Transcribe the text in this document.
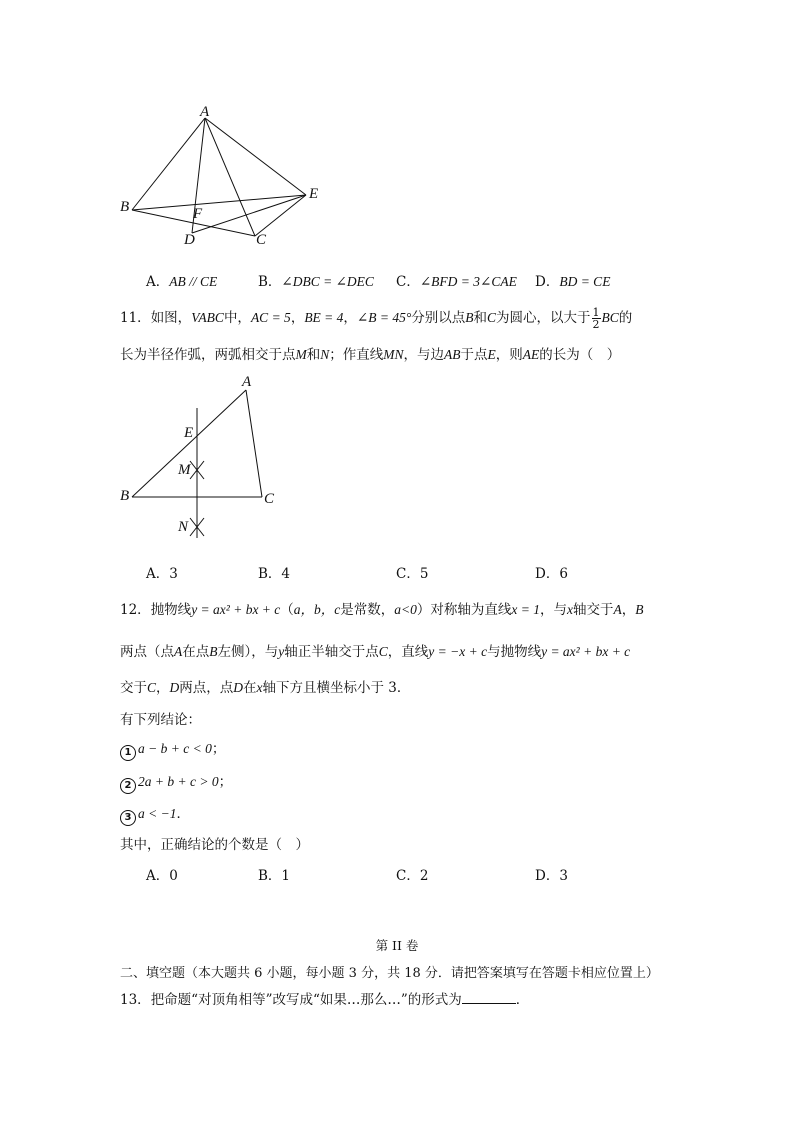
A
B	F
D	C
E
A．AB // CE	B．∠DBC = ∠DEC C．∠BFD = 3∠CAE D．BD = CE
11．如图，VABC中，AC = 5，BE = 4，∠B = 45°分别以点B和C为圆心，以大于 $\frac{1}{2}$ BC的
长为半径作弧，两弧相交于点M和N；作直线MN，与边AB于点E，则AE的长为（　）
A
E
M
B	C
N
A．3	B．4	C．5	D．6
12．抛物线y = ax² + bx + c（a，b，c是常数，a<0）对称轴为直线x = 1，与x轴交于A，B
两点（点A在点B左侧），与y轴正半轴交于点C，直线y = −x + c与抛物线y = ax² + bx + c
交于C，D两点，点D在x轴下方且横坐标小于 3．
有下列结论：
1 a − b + c < 0；
2 2a + b + c > 0；
3 a < −1．
其中，正确结论的个数是（　）
A．0	B．1	C．2	D．3
第 II 卷
二、填空题（本大题共 6 小题，每小题 3 分，共 18 分．请把答案填写在答题卡相应位置上）
13．把命题“对顶角相等”改写成“如果…那么…”的形式为	．
